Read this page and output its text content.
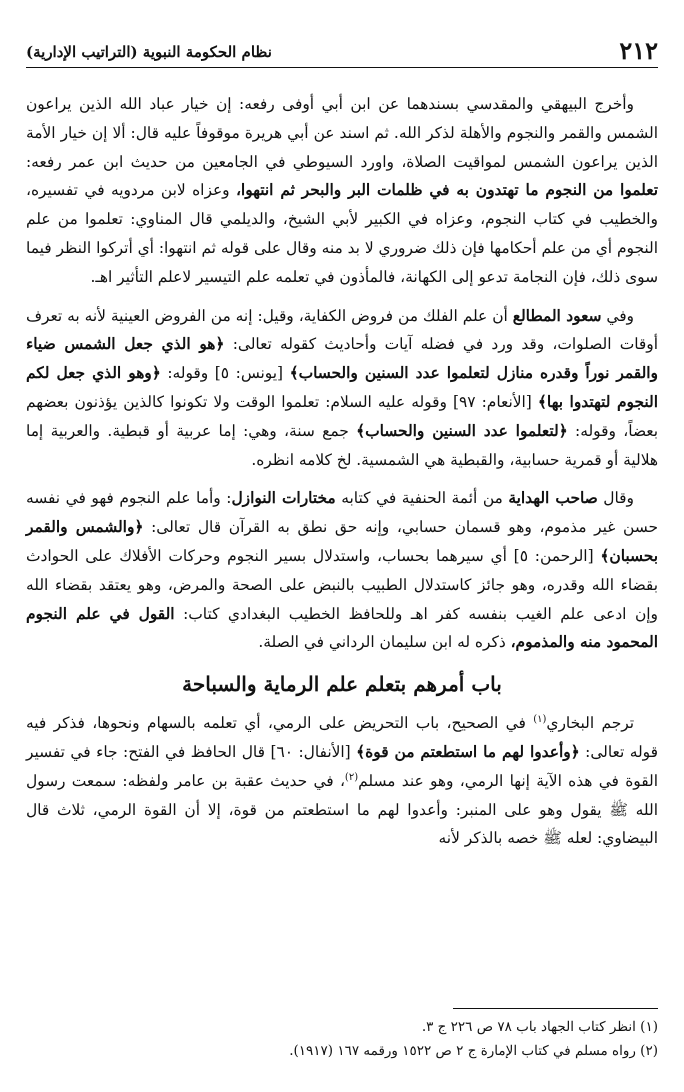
٢١٢
نظام الحكومة النبوية (التراتيب الإدارية)

وأخرج البيهقي والمقدسي بسندهما عن ابن أبي أوفى رفعه: إن خيار عباد الله الذين يراعون الشمس والقمر والنجوم والأهلة لذكر الله. ثم اسند عن أبي هريرة موقوفاً عليه قال: ألا إن خيار الأمة الذين يراعون الشمس لمواقيت الصلاة، واورد السيوطي في الجامعين من حديث ابن عمر رفعه: تعلموا من النجوم ما تهتدون به في ظلمات البر والبحر ثم انتهوا، وعزاه لابن مردويه في تفسيره، والخطيب في كتاب النجوم، وعزاه في الكبير لأبي الشيخ، والديلمي قال المناوي: تعلموا من علم النجوم أي من علم أحكامها فإن ذلك ضروري لا بد منه وقال على قوله ثم انتهوا: أي أتركوا النظر فيما سوى ذلك، فإن النجامة تدعو إلى الكهانة، فالمأذون في تعلمه علم التيسير لاعلم التأثير اهـ.

وفي سعود المطالع أن علم الفلك من فروض الكفاية، وقيل: إنه من الفروض العينية لأنه به تعرف أوقات الصلوات، وقد ورد في فضله آيات وأحاديث كقوله تعالى: ﴿هو الذي جعل الشمس ضياء والقمر نوراً وقدره منازل لتعلموا عدد السنين والحساب﴾ [يونس: ٥] وقوله: ﴿وهو الذي جعل لكم النجوم لتهتدوا بها﴾ [الأنعام: ٩٧] وقوله عليه السلام: تعلموا الوقت ولا تكونوا كالذين يؤذنون بعضهم بعضاً، وقوله: ﴿لتعلموا عدد السنين والحساب﴾ جمع سنة، وهي: إما عربية أو قبطية. والعربية إما هلالية أو قمرية حسابية، والقبطية هي الشمسية. لخ كلامه انظره.

وقال صاحب الهداية من أئمة الحنفية في كتابه مختارات النوازل: وأما علم النجوم فهو في نفسه حسن غير مذموم، وهو قسمان حسابي، وإنه حق نطق به القرآن قال تعالى: ﴿والشمس والقمر بحسبان﴾ [الرحمن: ٥] أي سيرهما بحساب، واستدلال بسير النجوم وحركات الأفلاك على الحوادث بقضاء الله وقدره، وهو جائز كاستدلال الطبيب بالنبض على الصحة والمرض، وهو يعتقد بقضاء الله وإن ادعى علم الغيب بنفسه كفر اهـ وللحافظ الخطيب البغدادي كتاب: القول في علم النجوم المحمود منه والمذموم، ذكره له ابن سليمان الرداني في الصلة.

باب أمرهم بتعلم علم الرماية والسباحة

ترجم البخاري$^{(١)}$ في الصحيح، باب التحريض على الرمي، أي تعلمه بالسهام ونحوها، فذكر فيه قوله تعالى: ﴿وأعدوا لهم ما استطعتم من قوة﴾ [الأنفال: ٦٠] قال الحافظ في الفتح: جاء في تفسير القوة في هذه الآية إنها الرمي، وهو عند مسلم$^{(٢)}$، في حديث عقبة بن عامر ولفظه: سمعت رسول الله ﷺ يقول وهو على المنبر: وأعدوا لهم ما استطعتم من قوة، إلا أن القوة الرمي، ثلاث قال البيضاوي: لعله ﷺ خصه بالذكر لأنه

(١) انظر كتاب الجهاد باب ٧٨ ص ٢٢٦ ج ٣.

(٢) رواه مسلم في كتاب الإمارة ج ٢ ص ١٥٢٢ ورقمه ١٦٧ (١٩١٧).
